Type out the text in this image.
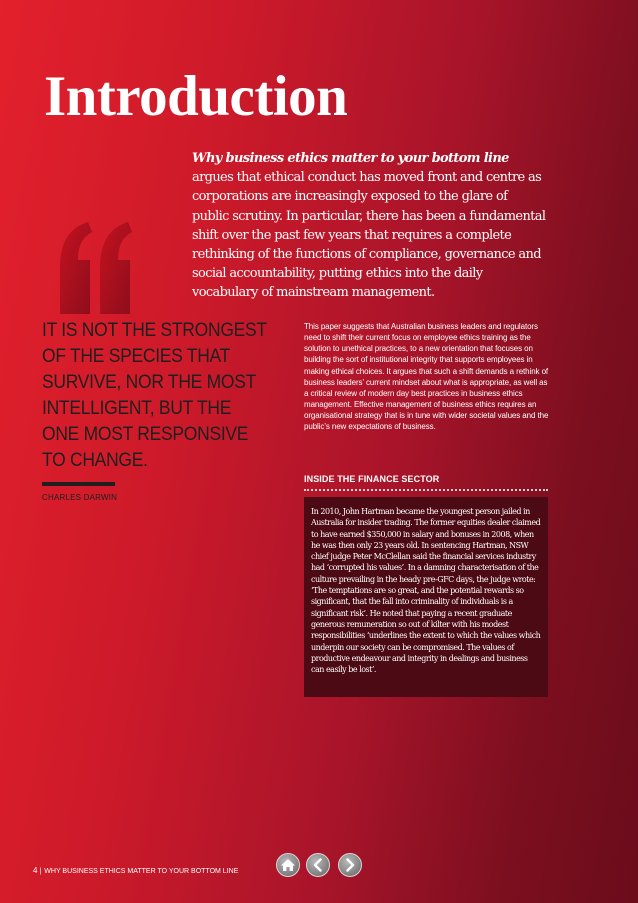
Introduction

Why business ethics matter to your bottom line argues that ethical conduct has moved front and centre as corporations are increasingly exposed to the glare of public scrutiny. In particular, there has been a fundamental shift over the past few years that requires a complete rethinking of the functions of compliance, governance and social accountability, putting ethics into the daily vocabulary of mainstream management.

IT IS NOT THE STRONGEST OF THE SPECIES THAT SURVIVE, NOR THE MOST INTELLIGENT, BUT THE ONE MOST RESPONSIVE TO CHANGE.

CHARLES DARWIN

This paper suggests that Australian business leaders and regulators need to shift their current focus on employee ethics training as the solution to unethical practices, to a new orientation that focuses on building the sort of institutional integrity that supports employees in making ethical choices. It argues that such a shift demands a rethink of business leaders’ current mindset about what is appropriate, as well as a critical review of modern day best practices in business ethics management. Effective management of business ethics requires an organisational strategy that is in tune with wider societal values and the public’s new expectations of business.

INSIDE THE FINANCE SECTOR

In 2010, John Hartman became the youngest person jailed in Australia for insider trading. The former equities dealer claimed to have earned $350,000 in salary and bonuses in 2008, when he was then only 23 years old. In sentencing Hartman, NSW chief judge Peter McClellan said the financial services industry had ‘corrupted his values’. In a damning characterisation of the culture prevailing in the heady pre-GFC days, the judge wrote: ‘The temptations are so great, and the potential rewards so significant, that the fall into criminality of individuals is a significant risk’. He noted that paying a recent graduate generous remuneration so out of kilter with his modest responsibilities ‘underlines the extent to which the values which underpin our society can be compromised. The values of productive endeavour and integrity in dealings and business can easily be lost’.

4 | WHY BUSINESS ETHICS MATTER TO YOUR BOTTOM LINE
